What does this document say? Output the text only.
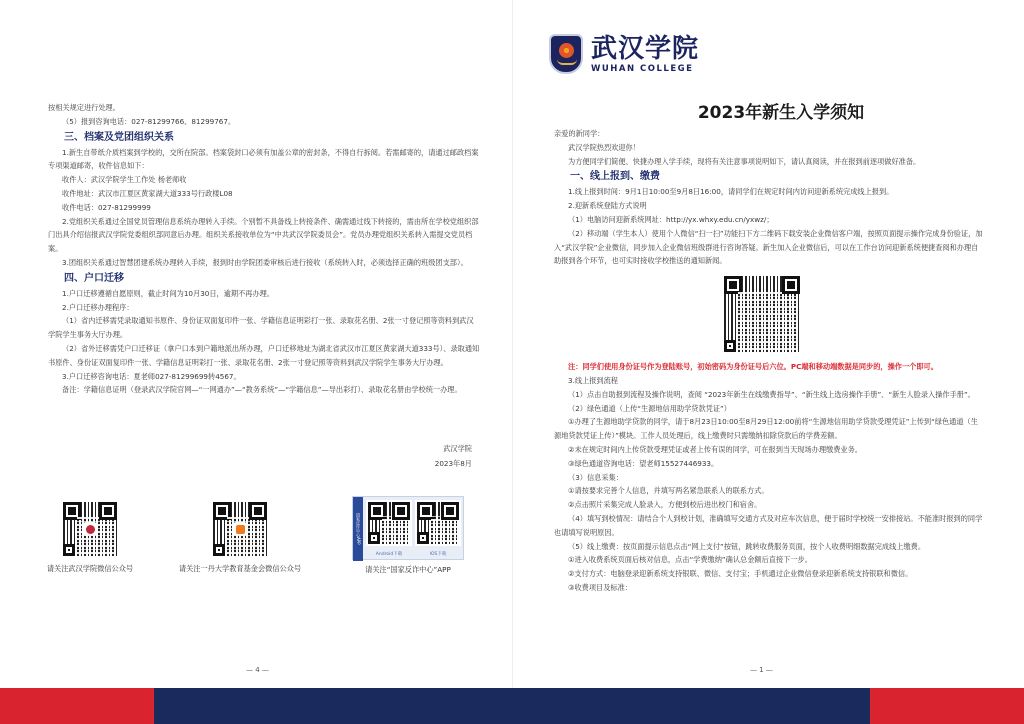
按相关规定进行处理。
（5）报到咨询电话：027-81299766、81299767。
三、档案及党团组织关系
1.新生自带纸介质档案到学校的，交所在院部。档案袋封口必须有加盖公章的密封条，不得自行拆阅。若需邮寄的，请通过邮政档案专项渠道邮寄，收件信息如下：
收件人：武汉学院学生工作处 杨老师收
收件地址：武汉市江夏区黄家湖大道333号行政楼L08
收件电话：027-81299999
2.党组织关系通过全国党员管理信息系统办理转入手续。个别暂不具备线上转接条件、确需通过线下转接的，需由所在学校党组织部门出具介绍信报武汉学院党委组织部同意后办理。组织关系接收单位为“中共武汉学院委员会”。党员办理党组织关系转入需提交党员档案。
3.团组织关系通过智慧团建系统办理转入手续，报到时由学院团委审核后进行接收（系统转入时，必须选择正确的班级团支部）。
四、户口迁移
1.户口迁移遵循自愿原则，截止时间为10月30日，逾期不再办理。
2.户口迁移办理程序：
（1）省内迁移需凭录取通知书原件、身份证双面复印件一张、学籍信息证明彩打一张、录取花名册、2张一寸登记照等资料到武汉学院学生事务大厅办理。
（2）省外迁移需凭户口迁移证（拿户口本到户籍地派出所办理，户口迁移地址为湖北省武汉市江夏区黄家湖大道333号）、录取通知书原件、身份证双面复印件一张、学籍信息证明彩打一张、录取花名册、2张一寸登记照等资料到武汉学院学生事务大厅办理。
3.户口迁移咨询电话：夏老师027-81299699转4567。
备注：学籍信息证明（登录武汉学院官网—“一网通办”—“教务系统”—“学籍信息”—导出彩打）、录取花名册由学校统一办理。
武汉学院
2023年8月
请关注武汉学院微信公众号	请关注一丹大学教育基金会微信公众号
国家反诈中心APP
Android下载	IOS下载
请关注“国家反诈中心”APP
— 4 —
武汉学院
WUHAN COLLEGE
2023年新生入学须知
亲爱的新同学：
武汉学院热烈欢迎你！
为方便同学们简便、快捷办理入学手续，现将有关注意事项说明如下，请认真阅读，并在报到前逐项做好准备。
一、线上报到、缴费
1.线上报到时间：9月1日10:00至9月8日16:00，请同学们在规定时间内访问迎新系统完成线上报到。
2.迎新系统登陆方式说明
（1）电脑访问迎新系统网址：http://yx.whxy.edu.cn/yxwz/；
（2）移动端（学生本人）使用个人微信“扫一扫”功能扫下方二维码下载安装企业微信客户端，按照页面提示操作完成身份验证，加入“武汉学院”企业微信，同步加入企业微信班级群进行咨询答疑。新生加入企业微信后，可以在工作台访问迎新系统便捷查阅和办理自助报到各个环节，也可实时接收学校推送的通知新闻。
注：同学们使用身份证号作为登陆账号，初始密码为身份证号后六位。PC端和移动端数据是同步的，操作一个即可。
3.线上报到流程
（1）点击自助报到流程及操作说明，查阅 “2023年新生在线缴费指导”、“新生线上选房操作手册”、“新生人脸录入操作手册”。
（2）绿色通道（上传“生源地信用助学贷款凭证”）
①办理了生源地助学贷款的同学，请于8月23日10:00至8月29日12:00前将“生源地信用助学贷款受理凭证”上传到“绿色通道（生源地贷款凭证上传）”模块。工作人员处理后，线上缴费时只需缴纳扣除贷款后的学费差额。
②未在规定时间内上传贷款受理凭证或者上传有误的同学，可在报到当天现场办理缴费业务。
③绿色通道咨询电话：望老师15527446933。
（3）信息采集：
①请按要求完善个人信息，并填写两名紧急联系人的联系方式。
②点击照片采集完成人脸录入，方便到校后进出校门和宿舍。
（4）填写到校情况：请结合个人到校计划，准确填写交通方式及对应车次信息，便于届时学校统一安排接站。不能准时报到的同学也请填写说明原因。
（5）线上缴费：按页面提示信息点击“网上支付”按钮，跳转收费服务页面，按个人收费明细数据完成线上缴费。
①进入收费系统页面后核对信息，点击“学费缴纳”确认总金额后直接下一步。
②支付方式：电脑登录迎新系统支持银联、微信、支付宝；手机通过企业微信登录迎新系统支持银联和微信。
③收费项目及标准：
— 1 —
